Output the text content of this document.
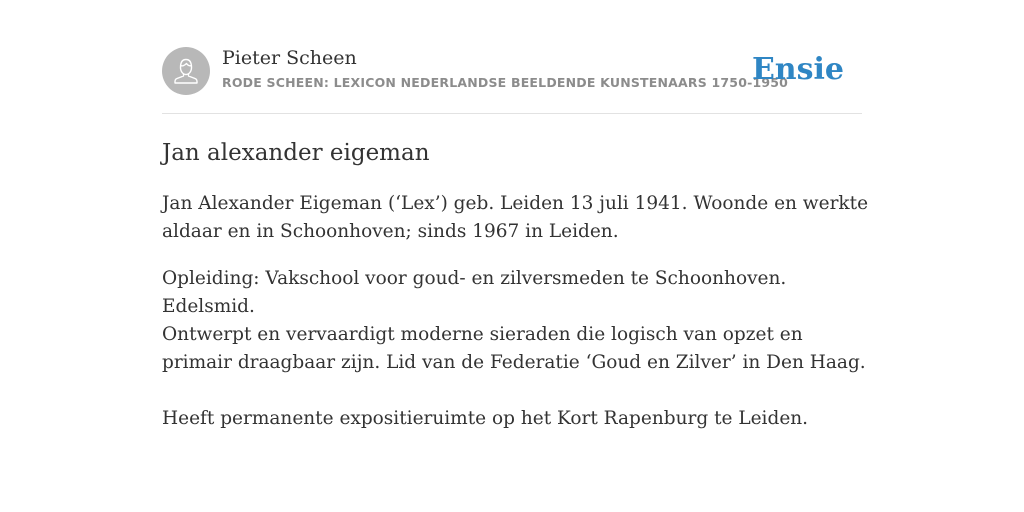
Pieter Scheen
RODE SCHEEN: LEXICON NEDERLANDSE BEELDENDE KUNSTENAARS 1750-1950
Ensie
Jan alexander eigeman

Jan Alexander Eigeman (‘Lex’) geb. Leiden 13 juli 1941. Woonde en werkte aldaar en in Schoonhoven; sinds 1967 in Leiden.

Opleiding: Vakschool voor goud- en zilversmeden te Schoonhoven. Edelsmid.

Ontwerpt en vervaardigt moderne sieraden die logisch van opzet en primair draagbaar zijn. Lid van de Federatie ‘Goud en Zilver’ in Den Haag.

Heeft permanente expositieruimte op het Kort Rapenburg te Leiden.
